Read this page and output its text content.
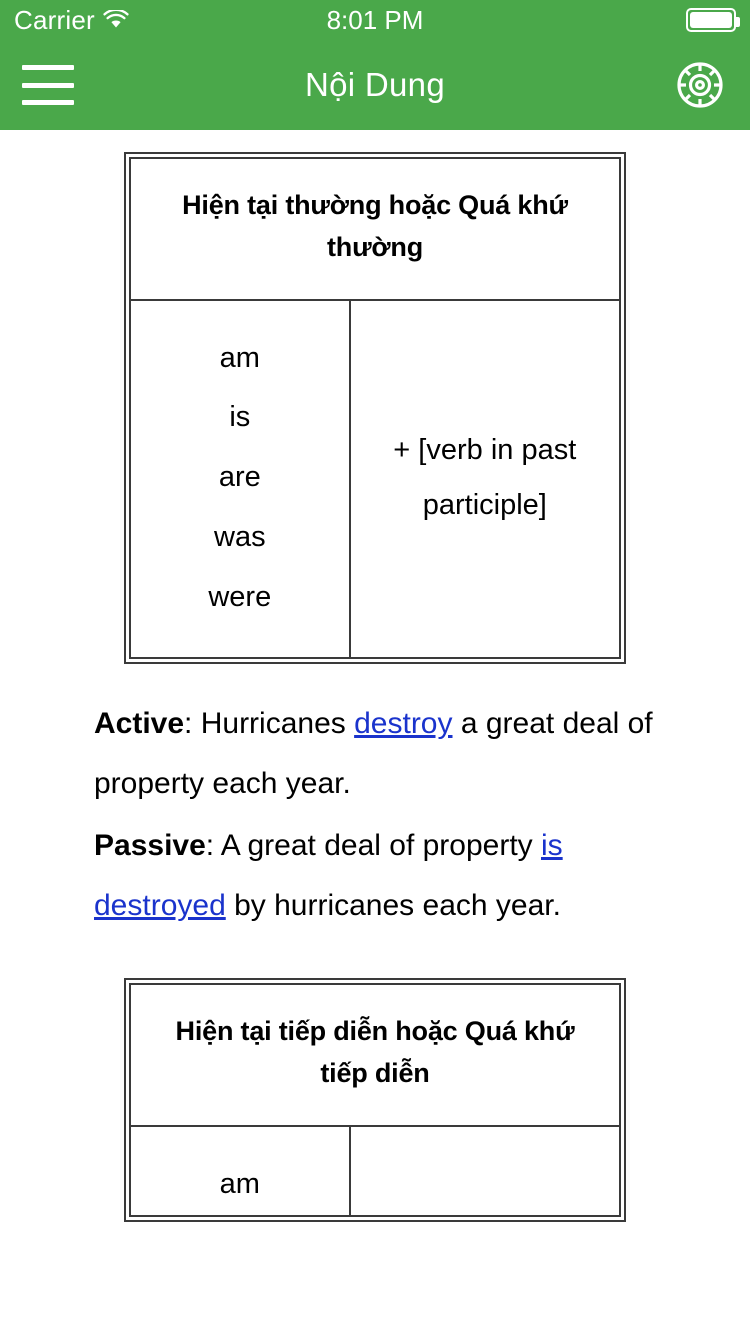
Carrier	8:01 PM
Nội Dung
Hiện tại thường hoặc Quá khứ thường
am
is
are
was
were
+ [verb in past participle]

Active: Hurricanes destroy a great deal of property each year.

Passive: A great deal of property is destroyed by hurricanes each year.

Hiện tại tiếp diễn hoặc Quá khứ tiếp diễn
am
